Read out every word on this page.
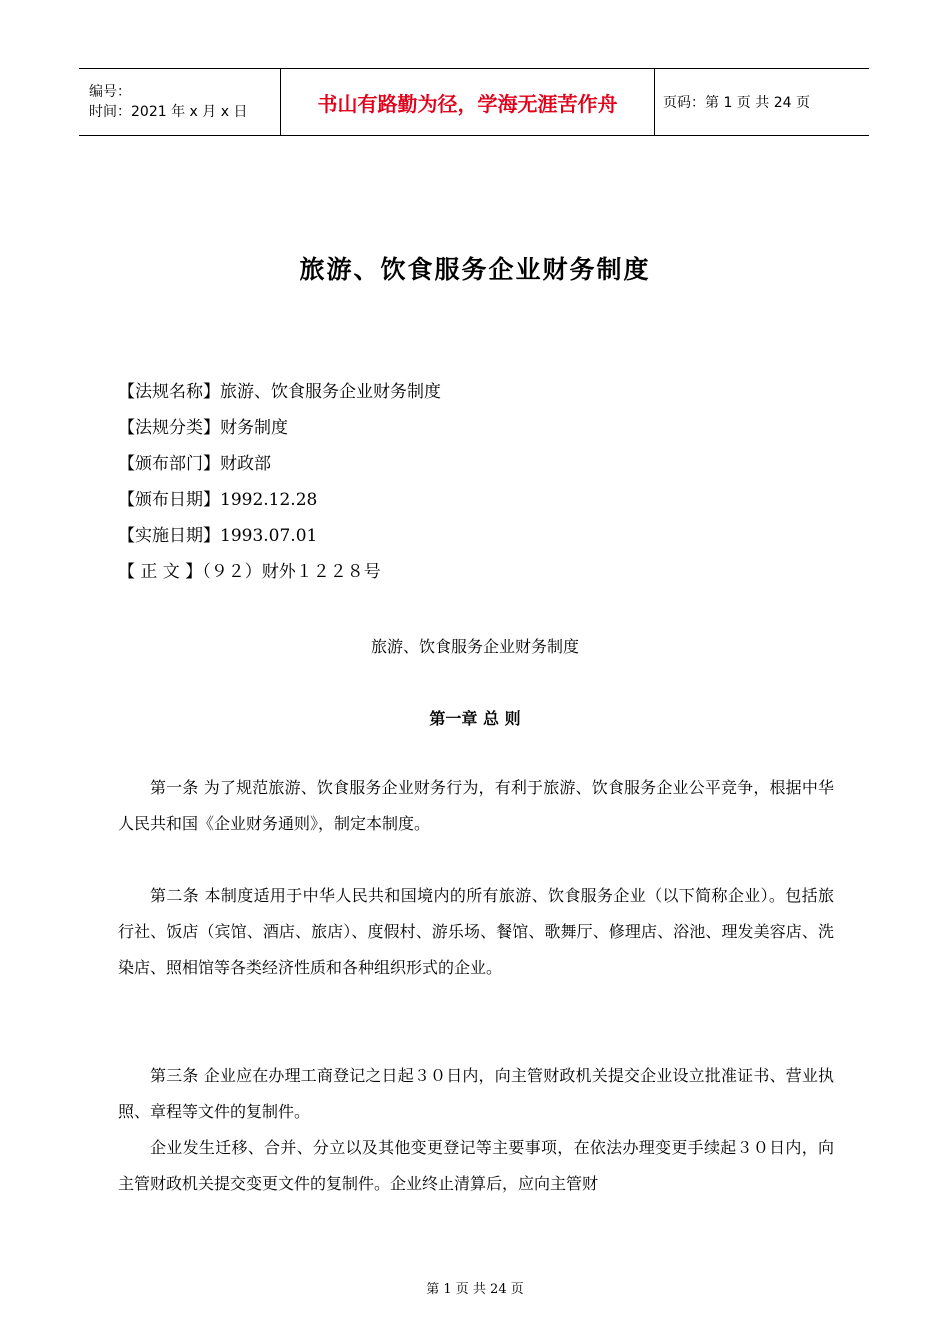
编号：
时间：2021 年 x 月 x 日	书山有路勤为径，学海无涯苦作舟	页码：第 1 页 共 24 页
旅游、饮食服务企业财务制度
【法规名称】旅游、饮食服务企业财务制度
【法规分类】财务制度
【颁布部门】财政部
【颁布日期】1992.12.28
【实施日期】1993.07.01
【 正 文 】（９２）财外１２２８号
旅游、饮食服务企业财务制度
第一章 总 则
第一条 为了规范旅游、饮食服务企业财务行为，有利于旅游、饮食服务企业公平竞争，根据中华人民共和国《企业财务通则》，制定本制度。
第二条 本制度适用于中华人民共和国境内的所有旅游、饮食服务企业（以下简称企业）。包括旅行社、饭店（宾馆、酒店、旅店）、度假村、游乐场、餐馆、歌舞厅、修理店、浴池、理发美容店、洗染店、照相馆等各类经济性质和各种组织形式的企业。
第三条 企业应在办理工商登记之日起３０日内，向主管财政机关提交企业设立批准证书、营业执照、章程等文件的复制件。
企业发生迁移、合并、分立以及其他变更登记等主要事项，在依法办理变更手续起３０日内，向主管财政机关提交变更文件的复制件。企业终止清算后，应向主管财
第 1 页 共 24 页
